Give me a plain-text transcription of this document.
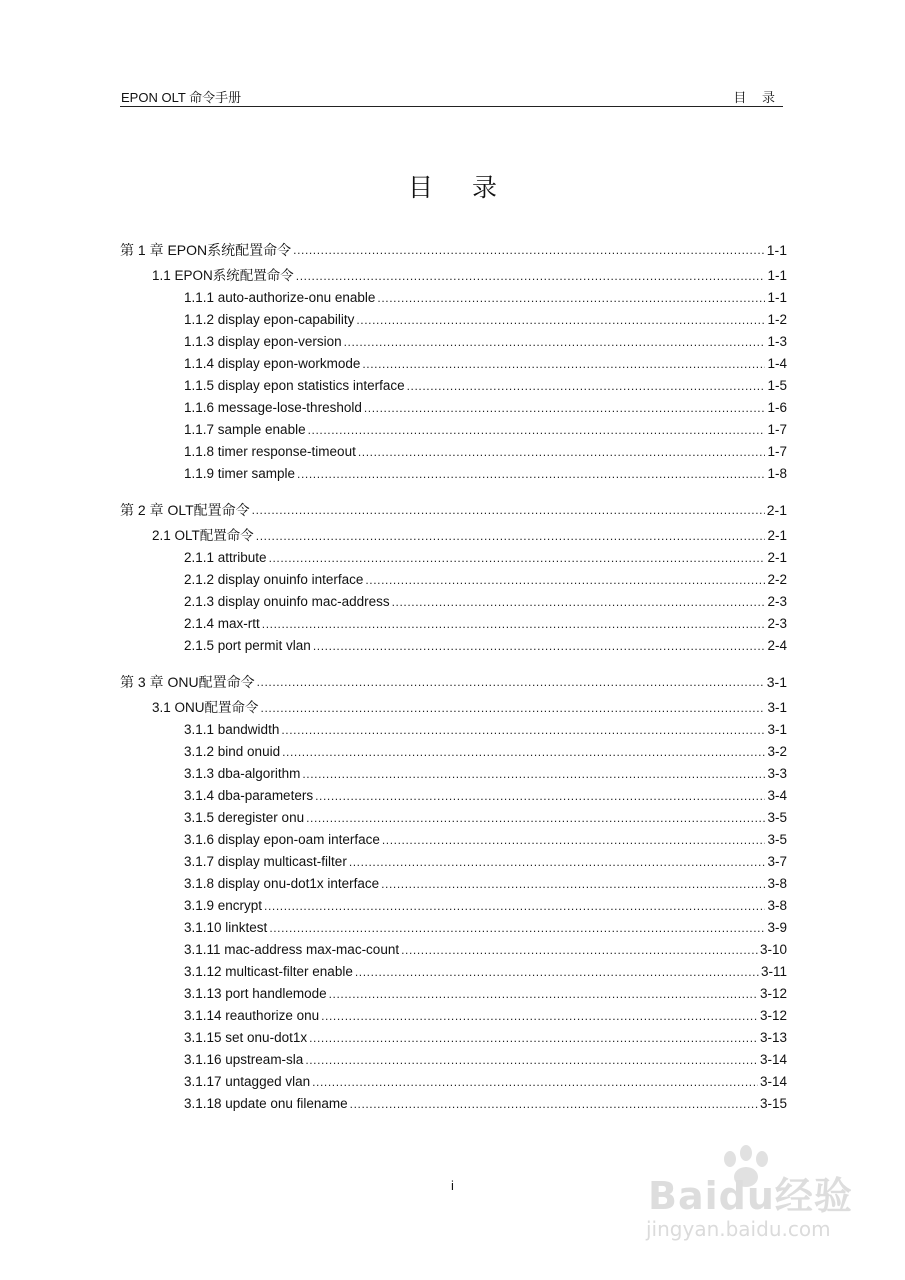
EPON OLT 命令手册	目 录
目 录
第 1 章 EPON系统配置命令 .....	1-1
1.1 EPON系统配置命令 .....	1-1
1.1.1 auto-authorize-onu enable .....	1-1
1.1.2 display epon-capability .....	1-2
1.1.3 display epon-version .....	1-3
1.1.4 display epon-workmode .....	1-4
1.1.5 display epon statistics interface .....	1-5
1.1.6 message-lose-threshold .....	1-6
1.1.7 sample enable .....	1-7
1.1.8 timer response-timeout .....	1-7
1.1.9 timer sample .....	1-8
第 2 章 OLT配置命令 .....	2-1
2.1 OLT配置命令 .....	2-1
2.1.1 attribute .....	2-1
2.1.2 display onuinfo interface .....	2-2
2.1.3 display onuinfo mac-address .....	2-3
2.1.4 max-rtt .....	2-3
2.1.5 port permit vlan .....	2-4
第 3 章 ONU配置命令 .....	3-1
3.1 ONU配置命令 .....	3-1
3.1.1 bandwidth .....	3-1
3.1.2 bind onuid .....	3-2
3.1.3 dba-algorithm .....	3-3
3.1.4 dba-parameters .....	3-4
3.1.5 deregister onu .....	3-5
3.1.6 display epon-oam interface .....	3-5
3.1.7 display multicast-filter .....	3-7
3.1.8 display onu-dot1x interface .....	3-8
3.1.9 encrypt .....	3-8
3.1.10 linktest .....	3-9
3.1.11 mac-address max-mac-count .....	3-10
3.1.12 multicast-filter enable .....	3-11
3.1.13 port handlemode .....	3-12
3.1.14 reauthorize onu .....	3-12
3.1.15 set onu-dot1x .....	3-13
3.1.16 upstream-sla .....	3-14
3.1.17 untagged vlan .....	3-14
3.1.18 update onu filename .....	3-15
i	Baidu经验
jingyan.baidu.com
